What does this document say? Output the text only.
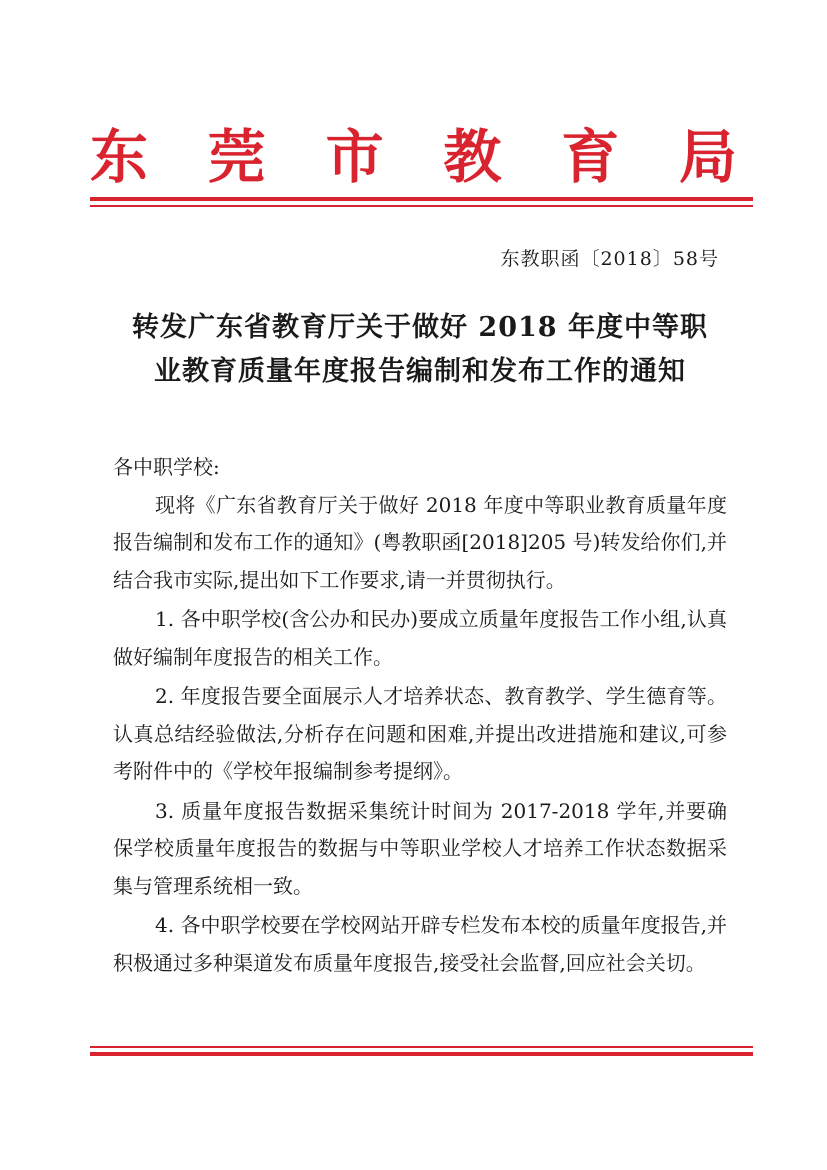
东 莞 市 教 育 局
东教职函〔2018〕58号
转发广东省教育厅关于做好 2018 年度中等职
业教育质量年度报告编制和发布工作的通知

各中职学校:

现将《广东省教育厅关于做好 2018 年度中等职业教育质量年度报告编制和发布工作的通知》(粤教职函[2018]205 号)转发给你们,并结合我市实际,提出如下工作要求,请一并贯彻执行。

1. 各中职学校(含公办和民办)要成立质量年度报告工作小组,认真做好编制年度报告的相关工作。

2. 年度报告要全面展示人才培养状态、教育教学、学生德育等。认真总结经验做法,分析存在问题和困难,并提出改进措施和建议,可参考附件中的《学校年报编制参考提纲》。

3. 质量年度报告数据采集统计时间为 2017-2018 学年,并要确保学校质量年度报告的数据与中等职业学校人才培养工作状态数据采集与管理系统相一致。

4. 各中职学校要在学校网站开辟专栏发布本校的质量年度报告,并积极通过多种渠道发布质量年度报告,接受社会监督,回应社会关切。
